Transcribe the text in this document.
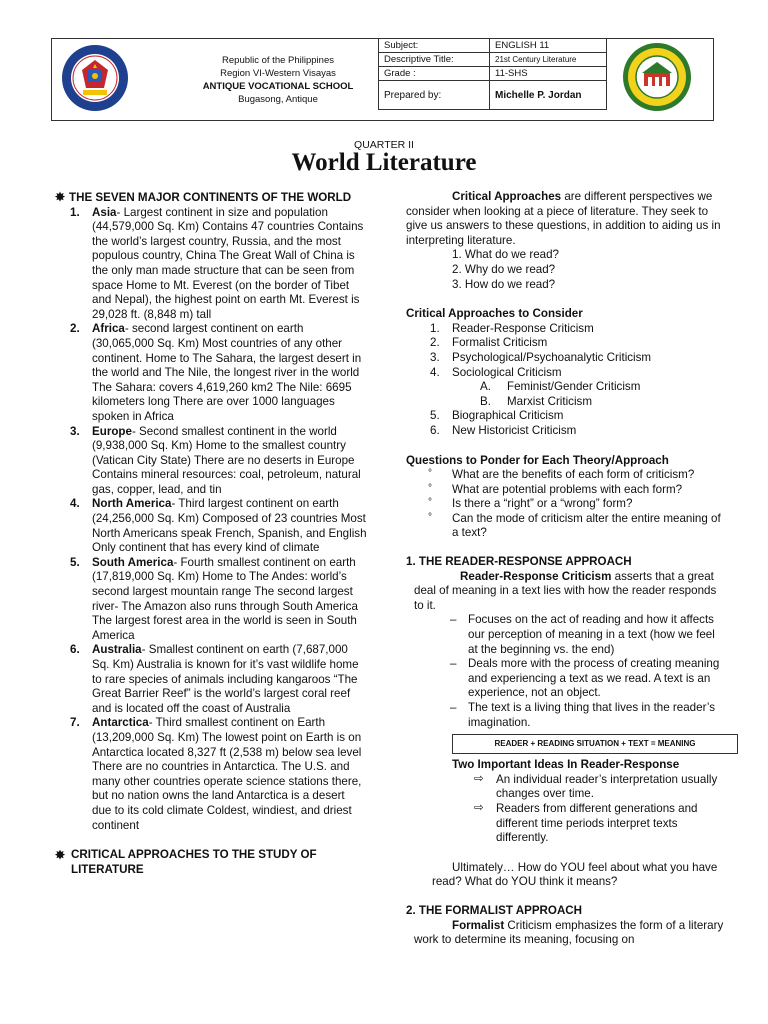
Republic of the Philippines
Region VI-Western Visayas
ANTIQUE VOCATIONAL SCHOOL
Bugasong, Antique
Subject:	ENGLISH 11
Descriptive Title:	21st Century Literature
Grade :	11-SHS
Prepared by:	Michelle P. Jordan
QUARTER II
World Literature

✸ THE SEVEN MAJOR CONTINENTS OF THE WORLD

1. Asia- Largest continent in size and population (44,579,000 Sq. Km) Contains 47 countries Contains the world’s largest country, Russia, and the most populous country, China The Great Wall of China is the only man made structure that can be seen from space Home to Mt. Everest (on the border of Tibet and Nepal), the highest point on earth Mt. Everest is 29,028 ft. (8,848 m) tall
2. Africa- second largest continent on earth (30,065,000 Sq. Km) Most countries of any other continent. Home to The Sahara, the largest desert in the world and The Nile, the longest river in the world The Sahara: covers 4,619,260 km2 The Nile: 6695 kilometers long There are over 1000 languages spoken in Africa
3. Europe- Second smallest continent in the world (9,938,000 Sq. Km) Home to the smallest country (Vatican City State) There are no deserts in Europe Contains mineral resources: coal, petroleum, natural gas, copper, lead, and tin
4. North America- Third largest continent on earth (24,256,000 Sq. Km) Composed of 23 countries Most North Americans speak French, Spanish, and English Only continent that has every kind of climate
5. South America- Fourth smallest continent on earth (17,819,000 Sq. Km) Home to The Andes: world’s second largest mountain range The second largest river- The Amazon also runs through South America The largest forest area in the world is seen in South America
6. Australia- Smallest continent on earth (7,687,000 Sq. Km) Australia is known for it’s vast wildlife home to rare species of animals including kangaroos “The Great Barrier Reef” is the world’s largest coral reef and is located off the coast of Australia
7. Antarctica- Third smallest continent on Earth (13,209,000 Sq. Km) The lowest point on Earth is on Antarctica located 8,327 ft (2,538 m) below sea level There are no countries in Antarctica. The U.S. and many other countries operate science stations there, but no nation owns the land Antarctica is a desert due to its cold climate Coldest, windiest, and driest continent

✸ CRITICAL APPROACHES TO THE STUDY OF LITERATURE

Critical Approaches are different perspectives we consider when looking at a piece of literature. They seek to give us answers to these questions, in addition to aiding us in interpreting literature.

1. What do we read?

2. Why do we read?

3. How do we read?

Critical Approaches to Consider

1. Reader-Response Criticism
2. Formalist Criticism
3. Psychological/Psychoanalytic Criticism
4. Sociological Criticism
A. Feminist/Gender Criticism
B. Marxist Criticism
5. Biographical Criticism
6. New Historicist Criticism

Questions to Ponder for Each Theory/Approach

° What are the benefits of each form of criticism?
° What are potential problems with each form?
° Is there a “right” or a “wrong” form?
° Can the mode of criticism alter the entire meaning of a text?

1. THE READER-RESPONSE APPROACH

Reader-Response Criticism asserts that a great deal of meaning in a text lies with how the reader responds to it.

– Focuses on the act of reading and how it affects our perception of meaning in a text (how we feel at the beginning vs. the end)
– Deals more with the process of creating meaning and experiencing a text as we read. A text is an experience, not an object.
– The text is a living thing that lives in the reader’s imagination.
READER + READING SITUATION + TEXT = MEANING

Two Important Ideas In Reader-Response

⇨ An individual reader’s interpretation usually changes over time.
⇨ Readers from different generations and different time periods interpret texts differently.

Ultimately… How do YOU feel about what you have read? What do YOU think it means?

2. THE FORMALIST APPROACH

Formalist Criticism emphasizes the form of a literary work to determine its meaning, focusing on
